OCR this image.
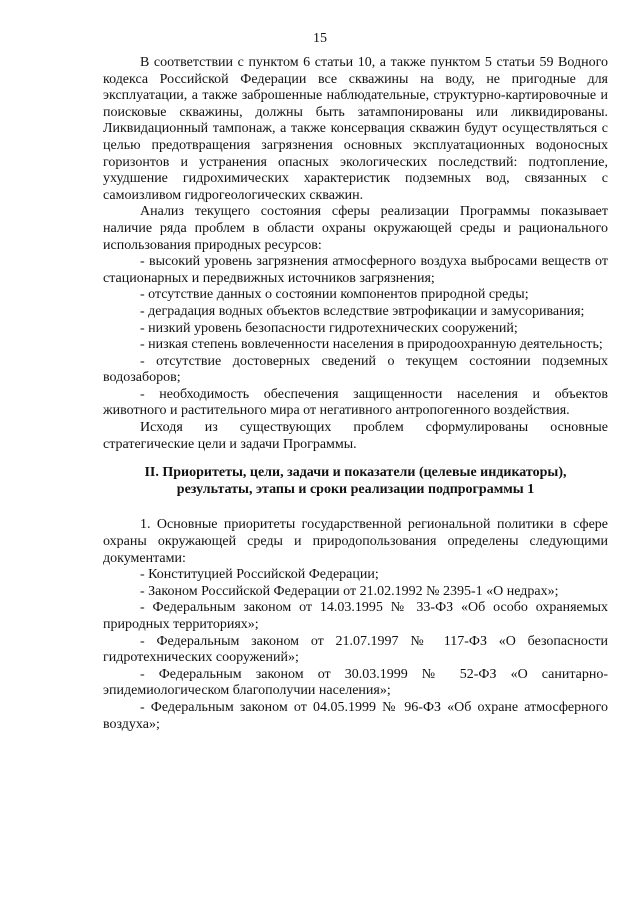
15

В соответствии с пунктом 6 статьи 10, а также пунктом 5 статьи 59 Водного кодекса Российской Федерации все скважины на воду, не пригодные для эксплуатации, а также заброшенные наблюдательные, структурно-картировочные и поисковые скважины, должны быть затампонированы или ликвидированы. Ликвидационный тампонаж, а также консервация скважин будут осуществляться с целью предотвращения загрязнения основных эксплуатационных водоносных горизонтов и устранения опасных экологических последствий: подтопление, ухудшение гидрохимических характеристик подземных вод, связанных с самоизливом гидрогеологических скважин.

Анализ текущего состояния сферы реализации Программы показывает наличие ряда проблем в области охраны окружающей среды и рационального использования природных ресурсов:

- высокий уровень загрязнения атмосферного воздуха выбросами веществ от стационарных и передвижных источников загрязнения;

- отсутствие данных о состоянии компонентов природной среды;

- деградация водных объектов вследствие эвтрофикации и замусоривания;

- низкий уровень безопасности гидротехнических сооружений;

- низкая степень вовлеченности населения в природоохранную деятельность;

- отсутствие достоверных сведений о текущем состоянии подземных водозаборов;

- необходимость обеспечения защищенности населения и объектов животного и растительного мира от негативного антропогенного воздействия.

Исходя из существующих проблем сформулированы основные стратегические цели и задачи Программы.

II. Приоритеты, цели, задачи и показатели (целевые индикаторы), результаты, этапы и сроки реализации подпрограммы 1

1. Основные приоритеты государственной региональной политики в сфере охраны окружающей среды и природопользования определены следующими документами:

- Конституцией Российской Федерации;

- Законом Российской Федерации от 21.02.1992 № 2395-1 «О недрах»;

- Федеральным законом от 14.03.1995 № 33-ФЗ «Об особо охраняемых природных территориях»;

- Федеральным законом от 21.07.1997 № 117-ФЗ «О безопасности гидротехнических сооружений»;

- Федеральным законом от 30.03.1999 № 52-ФЗ «О санитарно-эпидемиологическом благополучии населения»;

- Федеральным законом от 04.05.1999 № 96-ФЗ «Об охране атмосферного воздуха»;
